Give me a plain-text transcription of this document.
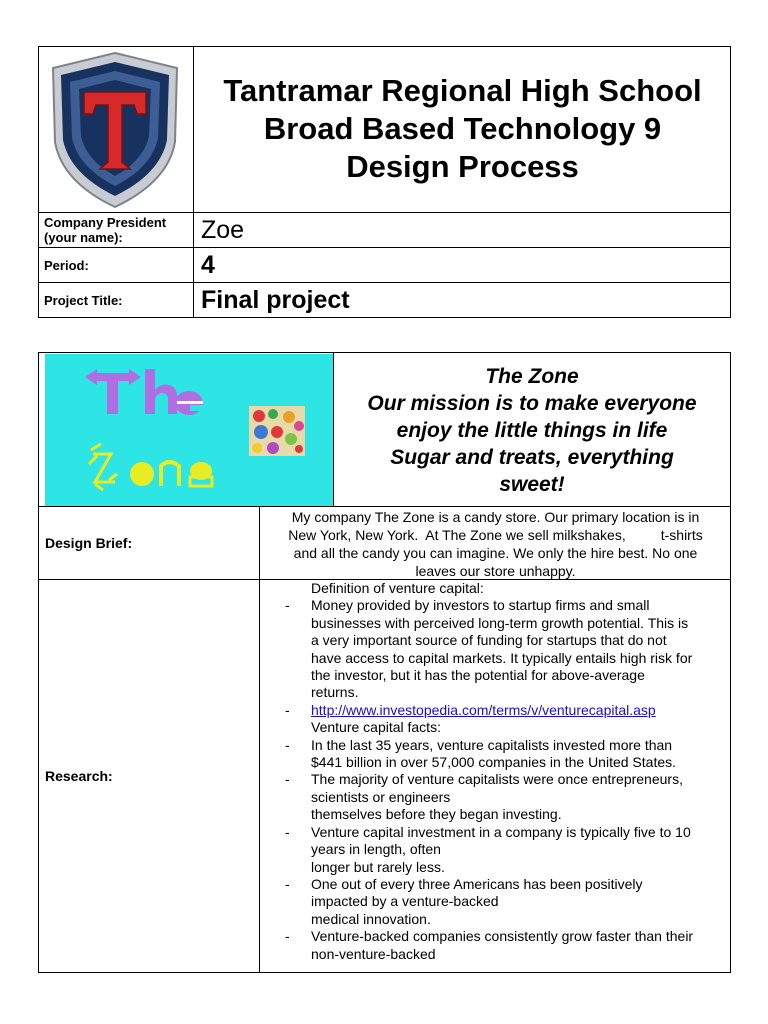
Tantramar Regional High School
Broad Based Technology 9
Design Process
Company President
(your name):	Zoe
Period:	4
Project Title:	Final project
The Zone
Our mission is to make everyone
enjoy the little things in life
Sugar and treats, everything
sweet!
Design Brief:
My company The Zone is a candy store. Our primary location is in
New York, New York.  At The Zone we sell milkshakes,         t-shirts
and all the candy you can imagine. We only the hire best. No one
leaves our store unhappy.
Research:
Definition of venture capital:
-	Money provided by investors to startup firms and small
businesses with perceived long-term growth potential. This is
a very important source of funding for startups that do not
have access to capital markets. It typically entails high risk for
the investor, but it has the potential for above-average
returns.
-	http://www.investopedia.com/terms/v/venturecapital.asp
Venture capital facts:
-	In the last 35 years, venture capitalists invested more than
$441 billion in over 57,000 companies in the United States.
-	The majority of venture capitalists were once entrepreneurs,
scientists or engineers
themselves before they began investing.
-	Venture capital investment in a company is typically five to 10
years in length, often
longer but rarely less.
-	One out of every three Americans has been positively
impacted by a venture-backed
medical innovation.
-	Venture-backed companies consistently grow faster than their
non-venture-backed
